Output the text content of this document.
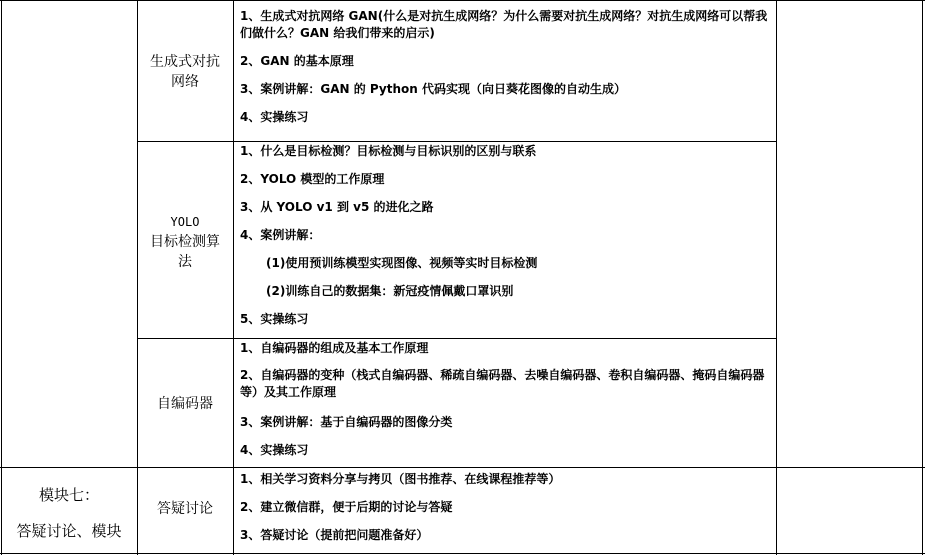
生成式对抗
网络
1、生成式对抗网络 GAN(什么是对抗生成网络？为什么需要对抗生成网络？对抗生成网络可以帮我们做什么？GAN 给我们带来的启示)
2、GAN 的基本原理
3、案例讲解：GAN 的 Python 代码实现（向日葵花图像的自动生成）
4、实操练习
YOLO
目标检测算
法
1、什么是目标检测？目标检测与目标识别的区别与联系
2、YOLO 模型的工作原理
3、从 YOLO v1 到 v5 的进化之路
4、案例讲解：
(1)使用预训练模型实现图像、视频等实时目标检测
(2)训练自己的数据集：新冠疫情佩戴口罩识别
5、实操练习
自编码器
1、自编码器的组成及基本工作原理
2、自编码器的变种（栈式自编码器、稀疏自编码器、去噪自编码器、卷积自编码器、掩码自编码器等）及其工作原理
3、案例讲解：基于自编码器的图像分类
4、实操练习
模块七：
答疑讨论、模块
答疑讨论
1、相关学习资料分享与拷贝（图书推荐、在线课程推荐等）
2、建立微信群，便于后期的讨论与答疑
3、答疑讨论（提前把问题准备好）
